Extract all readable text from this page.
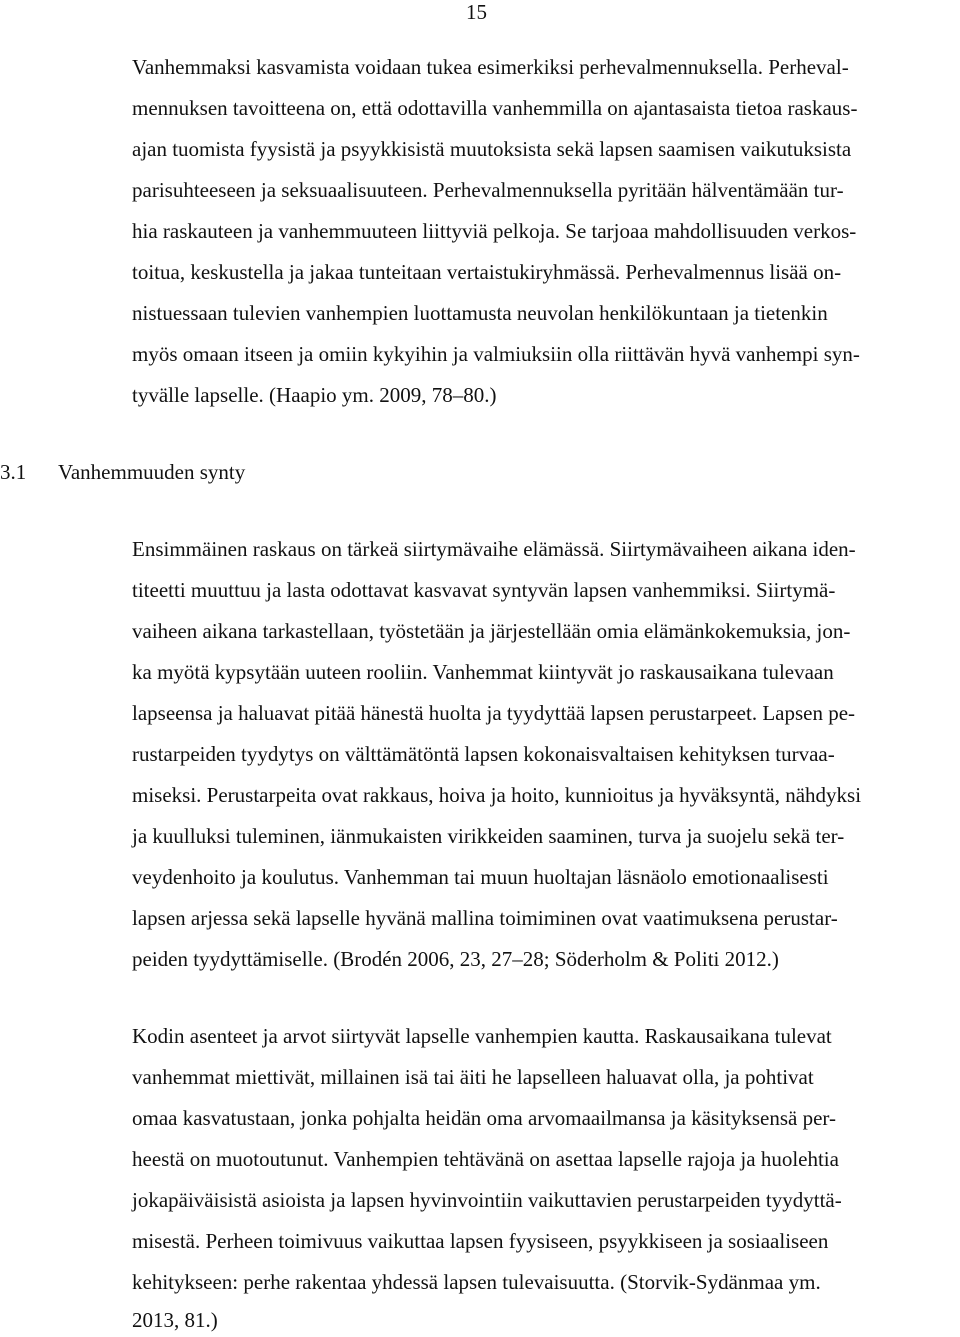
15
Vanhemmaksi kasvamista voidaan tukea esimerkiksi perhevalmennuksella. Perheval-
mennuksen tavoitteena on, että odottavilla vanhemmilla on ajantasaista tietoa raskaus-
ajan tuomista fyysistä ja psyykkisistä muutoksista sekä lapsen saamisen vaikutuksista
parisuhteeseen ja seksuaalisuuteen. Perhevalmennuksella pyritään hälventämään tur-
hia raskauteen ja vanhemmuuteen liittyviä pelkoja. Se tarjoaa mahdollisuuden verkos-
toitua, keskustella ja jakaa tunteitaan vertaistukiryhmässä. Perhevalmennus lisää on-
nistuessaan tulevien vanhempien luottamusta neuvolan henkilökuntaan ja tietenkin
myös omaan itseen ja omiin kykyihin ja valmiuksiin olla riittävän hyvä vanhempi syn-
tyvälle lapselle. (Haapio ym. 2009, 78–80.)
3.1 Vanhemmuuden synty
Ensimmäinen raskaus on tärkeä siirtymävaihe elämässä. Siirtymävaiheen aikana iden-
titeetti muuttuu ja lasta odottavat kasvavat syntyvän lapsen vanhemmiksi. Siirtymä-
vaiheen aikana tarkastellaan, työstetään ja järjestellään omia elämänkokemuksia, jon-
ka myötä kypsytään uuteen rooliin. Vanhemmat kiintyvät jo raskausaikana tulevaan
lapseensa ja haluavat pitää hänestä huolta ja tyydyttää lapsen perustarpeet. Lapsen pe-
rustarpeiden tyydytys on välttämätöntä lapsen kokonaisvaltaisen kehityksen turvaa-
miseksi. Perustarpeita ovat rakkaus, hoiva ja hoito, kunnioitus ja hyväksyntä, nähdyksi
ja kuulluksi tuleminen, iänmukaisten virikkeiden saaminen, turva ja suojelu sekä ter-
veydenhoito ja koulutus. Vanhemman tai muun huoltajan läsnäolo emotionaalisesti
lapsen arjessa sekä lapselle hyvänä mallina toimiminen ovat vaatimuksena perustar-
peiden tyydyttämiselle. (Brodén 2006, 23, 27–28; Söderholm & Politi 2012.)
Kodin asenteet ja arvot siirtyvät lapselle vanhempien kautta. Raskausaikana tulevat
vanhemmat miettivät, millainen isä tai äiti he lapselleen haluavat olla, ja pohtivat
omaa kasvatustaan, jonka pohjalta heidän oma arvomaailmansa ja käsityksensä per-
heestä on muotoutunut. Vanhempien tehtävänä on asettaa lapselle rajoja ja huolehtia
jokapäiväisistä asioista ja lapsen hyvinvointiin vaikuttavien perustarpeiden tyydyttä-
misestä. Perheen toimivuus vaikuttaa lapsen fyysiseen, psyykkiseen ja sosiaaliseen
kehitykseen: perhe rakentaa yhdessä lapsen tulevaisuutta. (Storvik-Sydänmaa ym.
2013, 81.)
